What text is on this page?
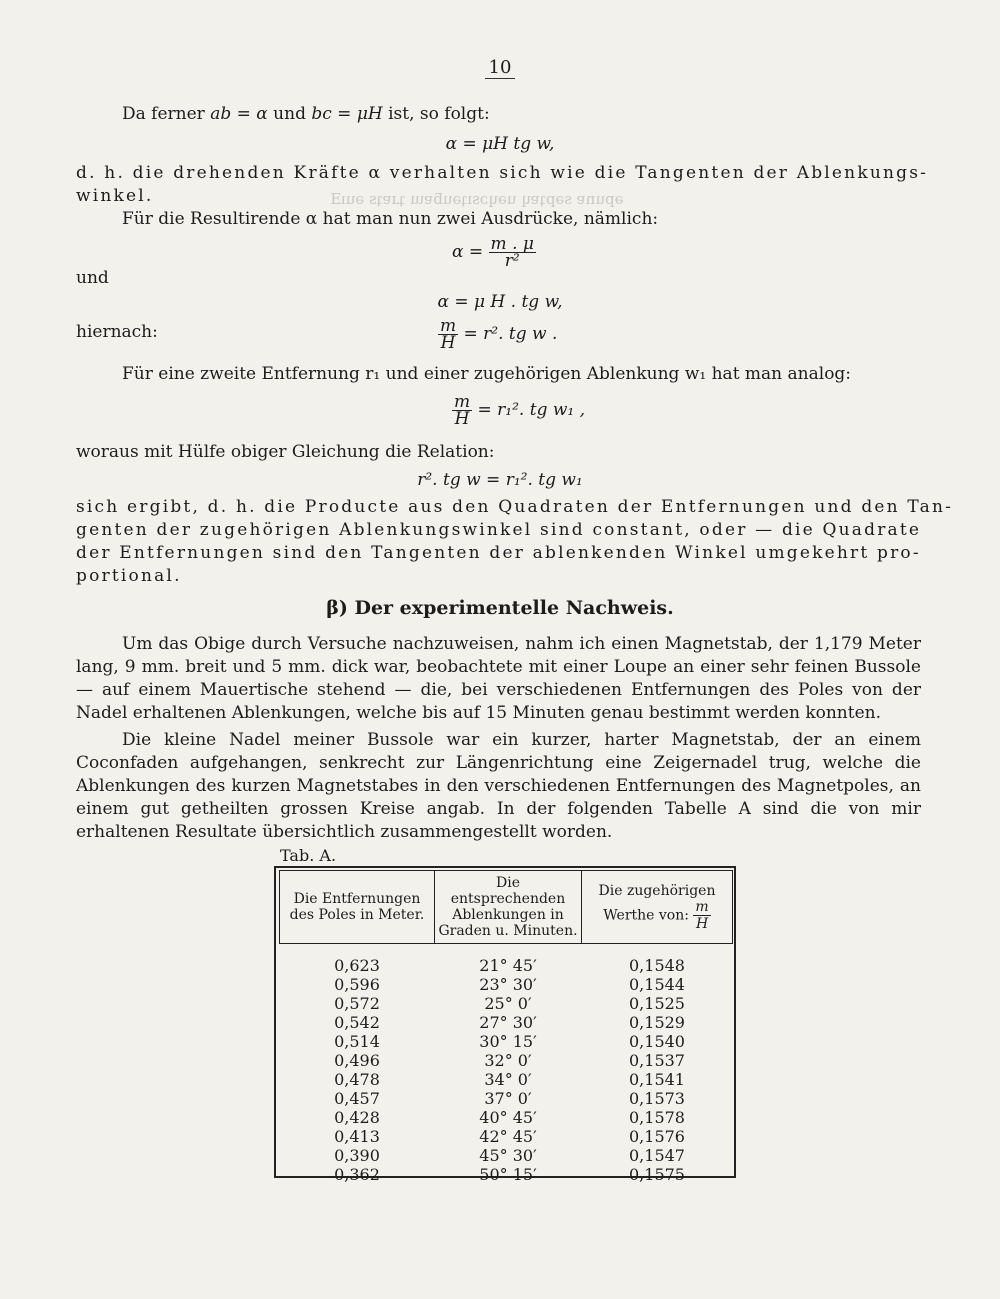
ǝpunɐ sǝpʇɐɥ uǝɥɔsıʇǝuƃɐɯ ʇɹɐʇs ǝuıƎ
10
Da ferner ab = α und bc = μH ist, so folgt:
α = μH tg w,
d. h. die drehenden Kräfte α verhalten sich wie die Tangenten der Ablenkungs-
winkel.
Für die Resultirende α hat man nun zwei Ausdrücke, nämlich:
$\alpha = \frac{m . \mu}{\text{r²}}$
und
α = μ H . tg w,
hiernach:	$\frac{m}{H} = r^2$. tg w .
Für eine zweite Entfernung r₁ und einer zugehörigen Ablenkung w₁ hat man analog:
$\frac{m}{H} = r_1^2$. tg w₁ ,
woraus mit Hülfe obiger Gleichung die Relation:
r². tg w = r₁². tg w₁
sich ergibt, d. h. die Producte aus den Quadraten der Entfernungen und den Tan-
genten der zugehörigen Ablenkungswinkel sind constant, oder — die Quadrate
der Entfernungen sind den Tangenten der ablenkenden Winkel umgekehrt pro-
portional.
β) Der experimentelle Nachweis.
Um das Obige durch Versuche nachzuweisen, nahm ich einen Magnetstab, der 1,179 Meter lang, 9 mm. breit und 5 mm. dick war, beobachtete mit einer Loupe an einer sehr feinen Bussole — auf einem Mauertische stehend — die, bei verschiedenen Entfernungen des Poles von der Nadel erhaltenen Ablenkungen, welche bis auf 15 Minuten genau bestimmt werden konnten.
Die kleine Nadel meiner Bussole war ein kurzer, harter Magnetstab, der an einem Coconfaden aufgehangen, senkrecht zur Längenrichtung eine Zeigernadel trug, welche die Ablenkungen des kurzen Magnetstabes in den verschiedenen Entfernungen des Magnetpoles, an einem gut getheilten grossen Kreise angab. In der folgenden Tabelle A sind die von mir erhaltenen Resultate übersichtlich zusammengestellt worden.
Tab. A.
Die Entfernungen des Poles in Meter.	Die entsprechenden Ablenkungen in Graden u. Minuten.	Die zugehörigen Werthe von: $\frac{m}{H}$

0,623	21° 45′	0,1548
0,596	23° 30′	0,1544
0,572	25° 0′	0,1525
0,542	27° 30′	0,1529
0,514	30° 15′	0,1540
0,496	32° 0′	0,1537
0,478	34° 0′	0,1541
0,457	37° 0′	0,1573
0,428	40° 45′	0,1578
0,413	42° 45′	0,1576
0,390	45° 30′	0,1547
0,362	50° 15′	0,1575
